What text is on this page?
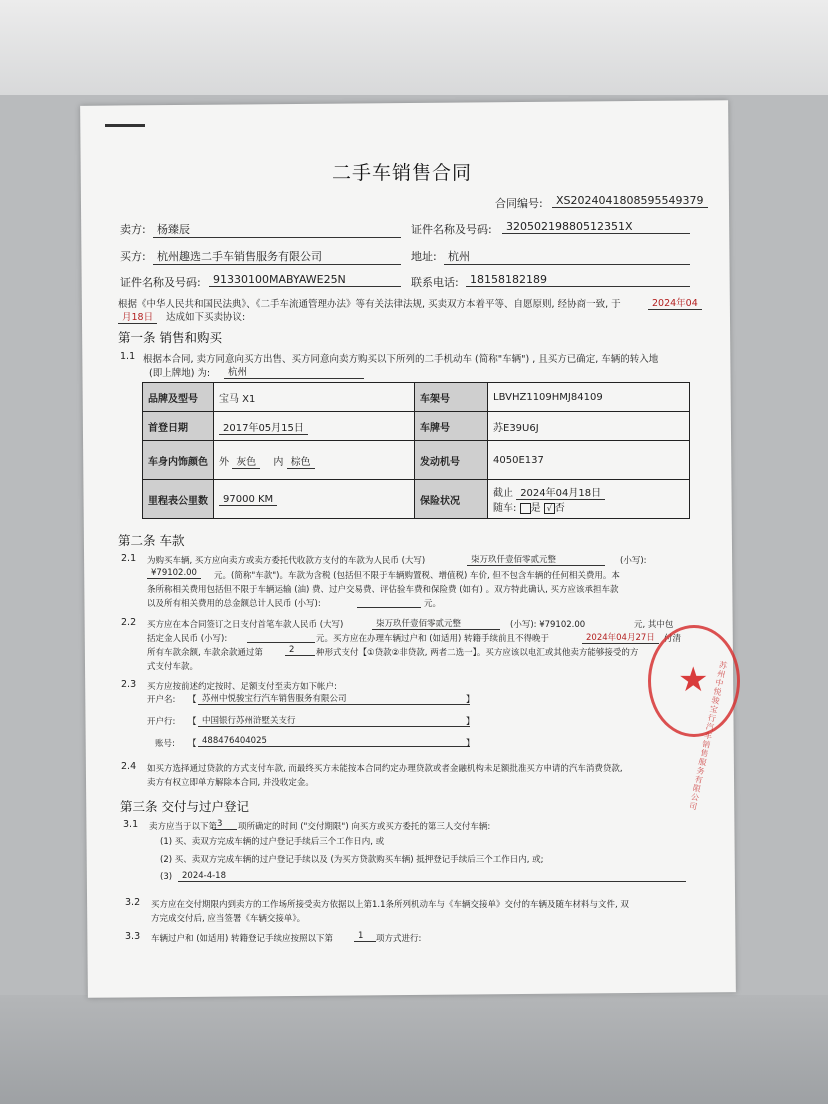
二手车销售合同
合同编号:	XS2024041808595549379
卖方:	杨臻辰	证件名称及号码:	32050219880512351X
买方:	杭州趣选二手车销售服务有限公司	地址:	杭州
证件名称及号码:	91330100MABYAWE25N	联系电话:	18158182189
根据《中华人民共和国民法典》、《二手车流通管理办法》等有关法律法规, 买卖双方本着平等、自愿原则, 经协商一致, 于	2024年04
月18日	达成如下买卖协议:
第一条 销售和购买
1.1 根据本合同, 卖方同意向买方出售、买方同意向卖方购买以下所列的二手机动车 (简称"车辆") , 且买方已确定, 车辆的转入地
(即上牌地) 为:	杭州
品牌及型号	宝马 X1	车架号	LBVHZ1109HMJ84109
首登日期	2017年05月15日	车牌号	苏E39U6J
车身内饰颜色	外 灰色 内 棕色	发动机号	4050E137
里程表公里数	97000 KM	保险状况	截止 2024年04月18日
随车: 是 √ 否
第二条 车款
2.1 为购买车辆, 买方应向卖方或卖方委托代收款方支付的车款为人民币 (大写)	柒万玖仟壹佰零贰元整	(小写):
¥79102.00	元。(简称"车款")。车款为含税 (包括但不限于车辆购置税、增值税) 车价, 但不包含车辆的任何相关费用。本
条所称相关费用包括但不限于车辆运输 (油) 费、过户交易费、评估验车费和保险费 (如有) 。双方特此确认, 买方应该承担车款
以及所有相关费用的总金额总计人民币 (小写):	元。
2.2 买方应在本合同签订之日支付首笔车款人民币 (大写)	柒万玖仟壹佰零贰元整	(小写): ¥79102.00	元, 其中包
括定金人民币 (小写):	元。买方应在办理车辆过户和 (如适用) 转籍手续前且不得晚于	2024年04月27日	付清
所有车款余额, 车款余款通过第	2	种形式支付【①贷款②非贷款, 两者二选一】。买方应该以电汇或其他卖方能够接受的方
式支付车款。
2.3 买方应按前述约定按时、足额支付至卖方如下帐户:
开户名: 【 苏州中悦骏宝行汽车销售服务有限公司	】
开户行: 【 中国银行苏州浒墅关支行	】
账号: 【 488476404025	】
2.4 如买方选择通过贷款的方式支付车款, 而最终买方未能按本合同约定办理贷款或者金融机构未足额批准买方申请的汽车消费贷款,
卖方有权立即单方解除本合同, 并没收定金。
第三条 交付与过户登记
3.1 卖方应当于以下第 3	项所确定的时间 ("交付期限") 向买方或买方委托的第三人交付车辆:
(1) 买、卖双方完成车辆的过户登记手续后三个工作日内, 或
(2) 买、卖双方完成车辆的过户登记手续以及 (为买方贷款购买车辆) 抵押登记手续后三个工作日内, 或;
(3)	2024-4-18
3.2 买方应在交付期限内到卖方的工作场所接受卖方依据以上第1.1条所列机动车与《车辆交接单》交付的车辆及随车材料与文件, 双
方完成交付后, 应当签署《车辆交接单》。
3.3 车辆过户和 (如适用) 转籍登记手续应按照以下第	1	项方式进行:
★	苏州中悦骏宝行汽车销售服务有限公司
